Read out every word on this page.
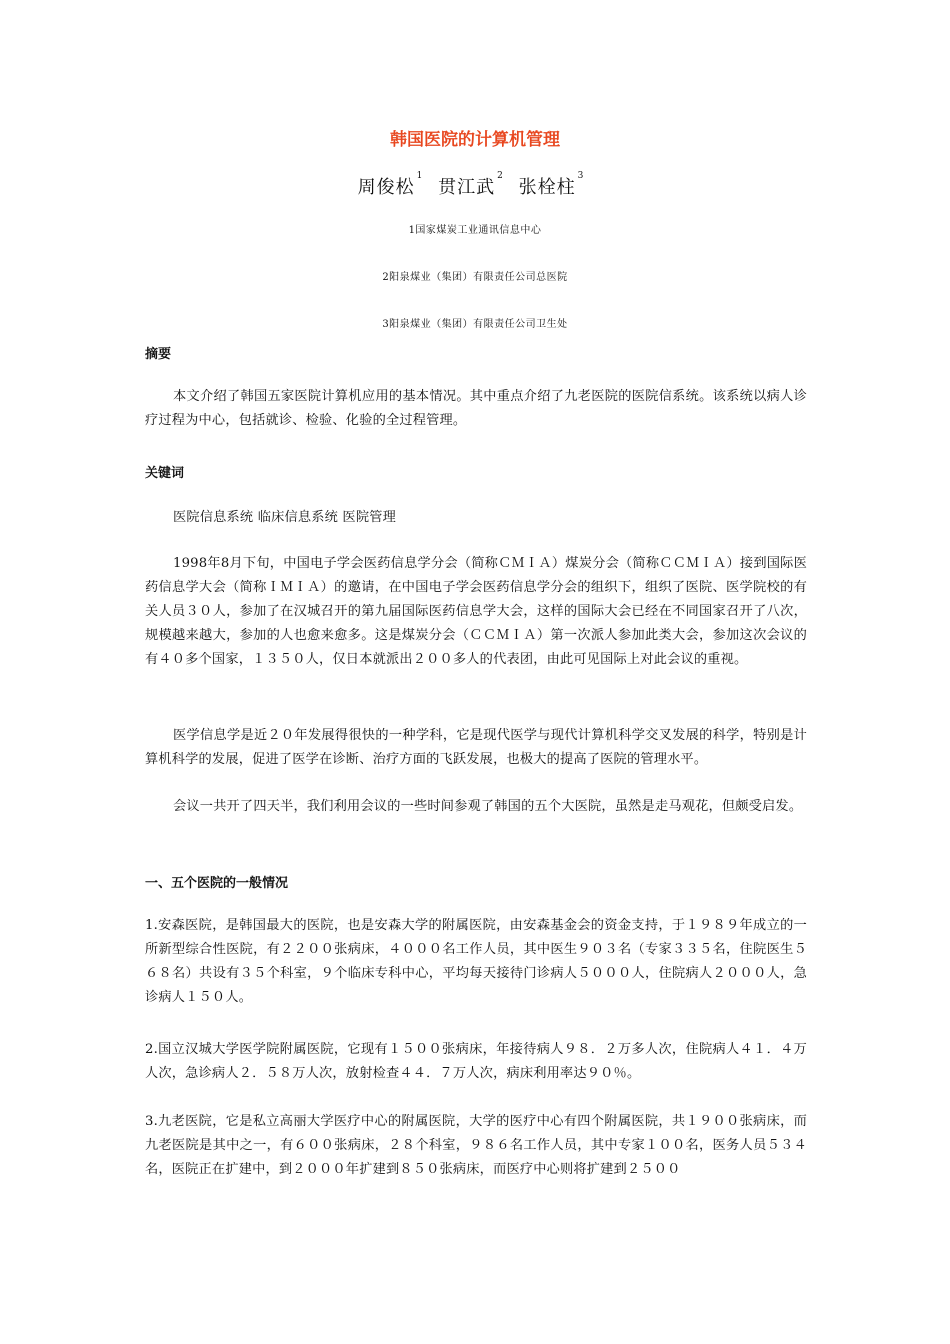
韩国医院的计算机管理
周俊松$^1$ 贯江武$^2$ 张栓柱$^3$
1国家煤炭工业通讯信息中心
2阳泉煤业（集团）有限责任公司总医院
3阳泉煤业（集团）有限责任公司卫生处
摘要
本文介绍了韩国五家医院计算机应用的基本情况。其中重点介绍了九老医院的医院信系统。该系统以病人诊疗过程为中心，包括就诊、检验、化验的全过程管理。
关键词
医院信息系统 临床信息系统 医院管理
1998年8月下旬，中国电子学会医药信息学分会（简称ＣＭＩＡ）煤炭分会（简称ＣＣＭＩＡ）接到国际医药信息学大会（简称ＩＭＩＡ）的邀请，在中国电子学会医药信息学分会的组织下，组织了医院、医学院校的有关人员３０人，参加了在汉城召开的第九届国际医药信息学大会，这样的国际大会已经在不同国家召开了八次，规模越来越大，参加的人也愈来愈多。这是煤炭分会（ＣＣＭＩＡ）第一次派人参加此类大会，参加这次会议的有４０多个国家，１３５０人，仅日本就派出２００多人的代表团，由此可见国际上对此会议的重视。
医学信息学是近２０年发展得很快的一种学科，它是现代医学与现代计算机科学交叉发展的科学，特别是计算机科学的发展，促进了医学在诊断、治疗方面的飞跃发展，也极大的提高了医院的管理水平。
会议一共开了四天半，我们利用会议的一些时间参观了韩国的五个大医院，虽然是走马观花，但颇受启发。
一、五个医院的一般情况
1.安森医院，是韩国最大的医院，也是安森大学的附属医院，由安森基金会的资金支持，于１９８９年成立的一所新型综合性医院，有２２００张病床，４０００名工作人员，其中医生９０３名（专家３３５名，住院医生５６８名）共设有３５个科室，９个临床专科中心，平均每天接待门诊病人５０００人，住院病人２０００人，急诊病人１５０人。
2.国立汉城大学医学院附属医院，它现有１５００张病床，年接待病人９８．２万多人次，住院病人４１．４万人次，急诊病人２．５８万人次，放射检查４４．７万人次，病床利用率达９０％。
3.九老医院，它是私立高丽大学医疗中心的附属医院，大学的医疗中心有四个附属医院，共１９００张病床，而九老医院是其中之一，有６００张病床，２８个科室，９８６名工作人员，其中专家１００名，医务人员５３４名，医院正在扩建中，到２０００年扩建到８５０张病床，而医疗中心则将扩建到２５００
